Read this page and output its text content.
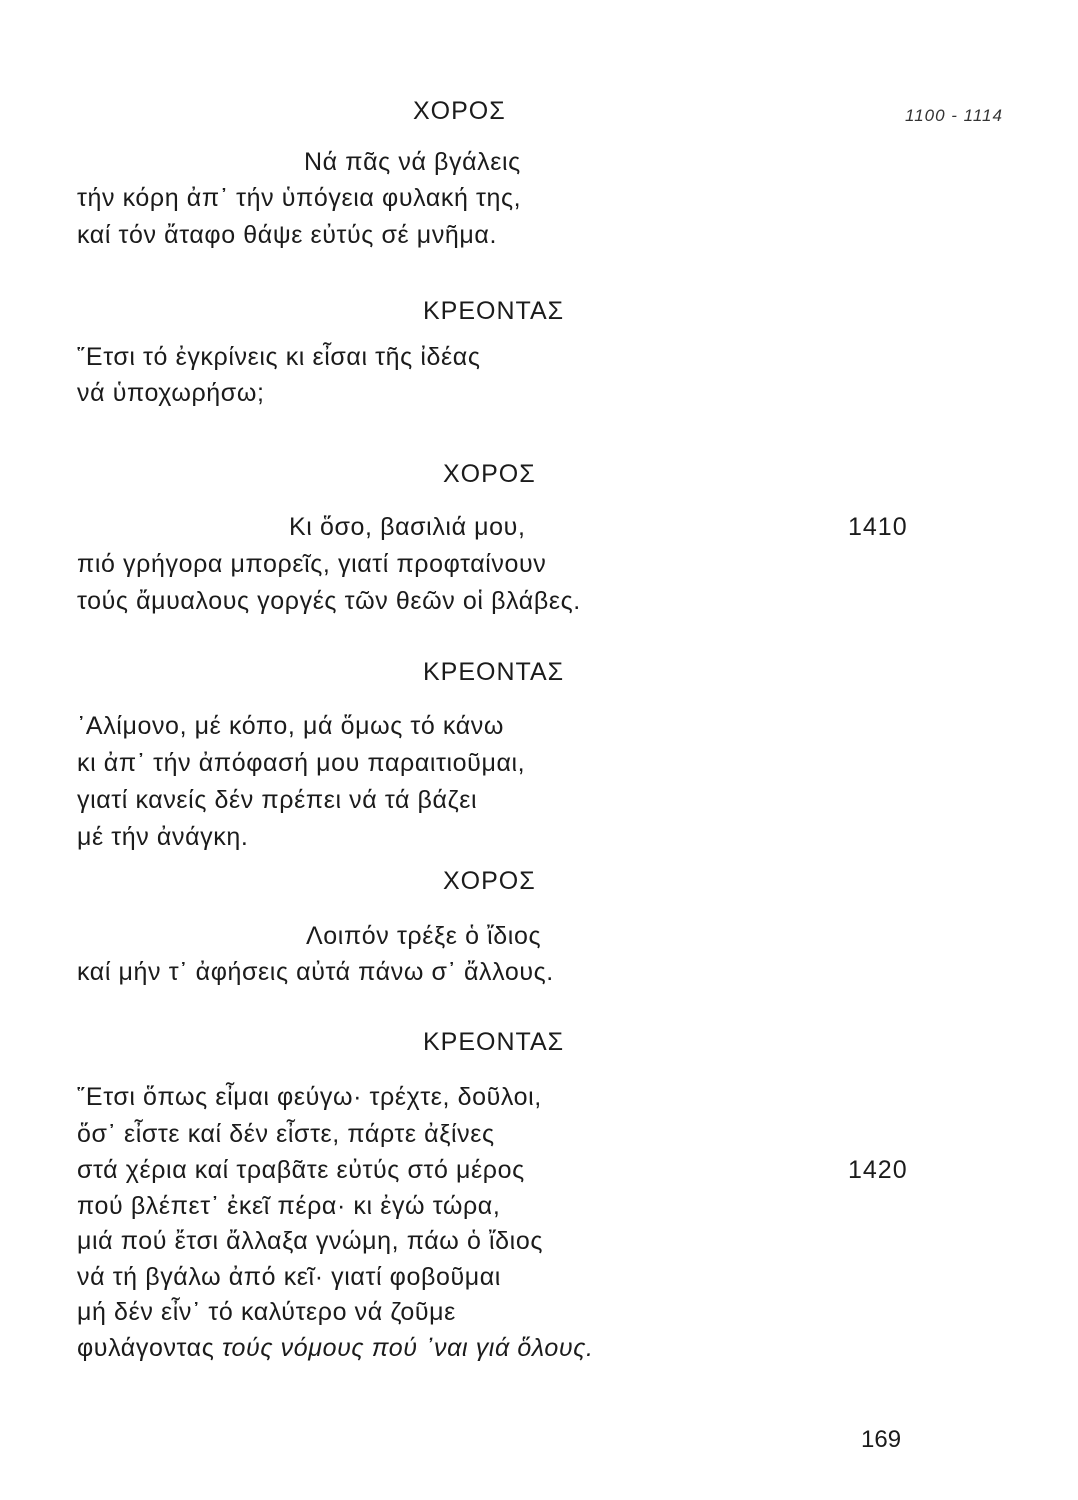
1100 - 1114
ΧΟΡΟΣ
Νά πᾶς νά βγάλεις
τήν κόρη ἀπ᾽ τήν ὑπόγεια φυλακή της,
καί τόν ἄταφο θάψε εὐτύς σέ μνῆμα.
ΚΡΕΟΝΤΑΣ
῞Ετσι τό ἐγκρίνεις κι εἶσαι τῆς ἰδέας
νά ὑποχωρήσω;
ΧΟΡΟΣ
Κι ὅσο, βασιλιά μου,	1410
πιό γρήγορα μπορεῖς, γιατί προφταίνουν
τούς ἄμυαλους γοργές τῶν θεῶν οἱ βλάβες.
ΚΡΕΟΝΤΑΣ
᾿Αλίμονο, μέ κόπο, μά ὅμως τό κάνω
κι ἀπ᾽ τήν ἀπόφασή μου παραιτιοῦμαι,
γιατί κανείς δέν πρέπει νά τά βάζει
μέ τήν ἀνάγκη.
ΧΟΡΟΣ
Λοιπόν τρέξε ὁ ἴδιος
καί μήν τ᾽ ἀφήσεις αὐτά πάνω σ᾽ ἄλλους.
ΚΡΕΟΝΤΑΣ
῞Ετσι ὅπως εἶμαι φεύγω· τρέχτε, δοῦλοι,
ὅσ᾽ εἶστε καί δέν εἶστε, πάρτε ἀξίνες
στά χέρια καί τραβᾶτε εὐτύς στό μέρος	1420
πού βλέπετ᾽ ἐκεῖ πέρα· κι ἐγώ τώρα,
μιά πού ἔτσι ἄλλαξα γνώμη, πάω ὁ ἴδιος
νά τή βγάλω ἀπό κεῖ· γιατί φοβοῦμαι
μή δέν εἶν᾽ τό καλύτερο νά ζοῦμε
φυλάγοντας τούς νόμους πού ᾽ναι γιά ὅλους.
169
